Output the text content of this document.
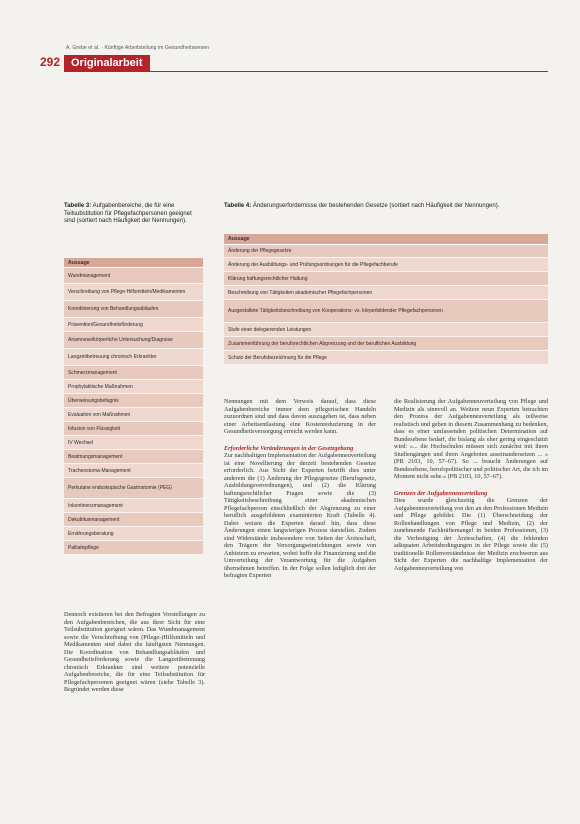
A. Grebe et al. · Künftige Arbeitsteilung im Gesundheitswesen
292 Originalarbeit
Tabelle 3: Aufgabenbereiche, die für eine Teilsubstitution für Pflegefachpersonen geeignet sind (sortiert nach Häufigkeit der Nennungen).
Tabelle 4: Änderungserfordernisse der bestehenden Gesetze (sortiert nach Häufigkeit der Nennungen).
Aussage
Wundmanagement
Verschreibung von Pflege-Hilfsmitteln/Medikamenten
Koordinierung von Behandlungsabläufen
Prävention/Gesundheitsförderung
Anamnese/körperliche Untersuchung/Diagnose
Langzeitbetreuung chronisch Erkrankter
Schmerzmanagement
Prophylaktische Maßnahmen
Überweisungsbefugnis
Evaluation von Maßnahmen
Infusion von Flüssigkeit
IV Wechsel
Beatmungsmanagement
Tracheostoma-Management
Perkutane endoskopische Gastrostomie (PEG)
Inkontinenzmanagement
Dekubitusmanagement
Ernährungsberatung
Palliativpflege
Aussage
Änderung der Pflegegesetze
Änderung der Ausbildungs- und Prüfungsordnungen für die Pflegefachberufe
Klärung haftungsrechtlicher Haltung
Beschreibung von Tätigkeiten akademischer Pflegefachpersonen
Ausgestaltete Tätigkeitsbeschreibung von Kooperations- vs. körperbildender Pflegefachpersonen
Stufe einer delegierenden Leistungen
Zusammenführung der berufsrechtlichen Abgrenzung und der beruflichen Ausbildung
Schutz der Berufsbezeichnung für die Pflege

Dennoch existieren bei den Befragten Vorstellungen zu den Aufgabenbereichen, die aus ihrer Sicht für eine Teilsubstitution geeignet wären. Das Wundmanagement sowie die Verschreibung von (Pflege-)Hilfsmitteln und Medikamenten sind dabei die häufigsten Nennungen. Die Koordination von Behandlungsabläufen und Gesundheitsförderung sowie die Langzeitbetreuung chronisch Erkrankter sind weitere potenzielle Aufgabenbereiche, die für eine Teilsubstitution für Pflegefachpersonen geeignet wären (siehe Tabelle 3). Begründet werden diese

Nennungen mit dem Verweis darauf, dass diese Aufgabenbereiche immer dem pflegerischen Handeln zuzuordnen sind und dass davon auszugehen ist, dass neben einer Arbeitsentlastung eine Kostenreduzierung in der Gesundheitsversorgung erreicht werden kann.

Erforderliche Veränderungen in der Gesetzgebung

Zur nachhaltigen Implementation der Aufgabenneuverteilung ist eine Novellierung der derzeit bestehenden Gesetze erforderlich. Aus Sicht der Experten betrifft dies unter anderem die (1) Änderung der Pflegegesetze (Berufsgesetz, Ausbildungsverordnungen), und (2) die Klärung haftungsrechtlicher Fragen sowie die (3) Tätigkeitsbeschreibung einer akademischen Pflegefachperson einschließlich der Abgrenzung zu einer beruflich ausgebildeten examinierten Kraft (Tabelle 4). Dabei weisen die Experten darauf hin, dass diese Änderungen einen langwierigen Prozess darstellen. Zudem sind Widerstände insbesondere von Seiten der Ärzteschaft, den Trägern der Versorgungseinrichtungen sowie von Anbietern zu erwarten, wobei hoffe die Finanzierung und die Umverteilung der Verantwortung für die Aufgaben übernehmen betreffen. In der Folge sollen lediglich drei der befragten Experten

die Realisierung der Aufgabenneuverteilung von Pflege und Medizin als sinnvoll an. Weitere neun Experten betrachten den Prozess der Aufgabenneuverteilung als teilweise realistisch und geben in diesem Zusammenhang zu bedenken, dass es einer umfassenden politischen Determination auf Bundesebene bedarf, die bislang als eher gering eingeschätzt wird: »... die Hochschulen müssen sich zunächst mit ihren Studiengängen und ihren Angeboten auseinandersetzen ... « (PB 2103, 10, 57–67). So ... braucht Änderungen auf Bundesebene, berufspolitischer und politischer Art, die ich im Moment nicht sehe.« (PB 2103, 10, 57–67).

Grenzen der Aufgabenneuverteilung

Dies wurde gleichzeitig die Grenzen der Aufgabenneuverteilung von den an den Professionen Medizin und Pflege gebildet. Die (1) Überschneidung der Rollenhandlungen von Pflege und Medizin, (2) der zunehmende Fachkräftemangel in beiden Professionen, (3) die Verfestigung der Ärzteschaften, (4) die fehlenden adäquaten Arbeitsbedingungen in der Pflege sowie die (5) traditionelle Rollenverständnisse der Medizin erschweren aus Sicht der Experten die nachhaltige Implementation der Aufgabenneuverteilung von
